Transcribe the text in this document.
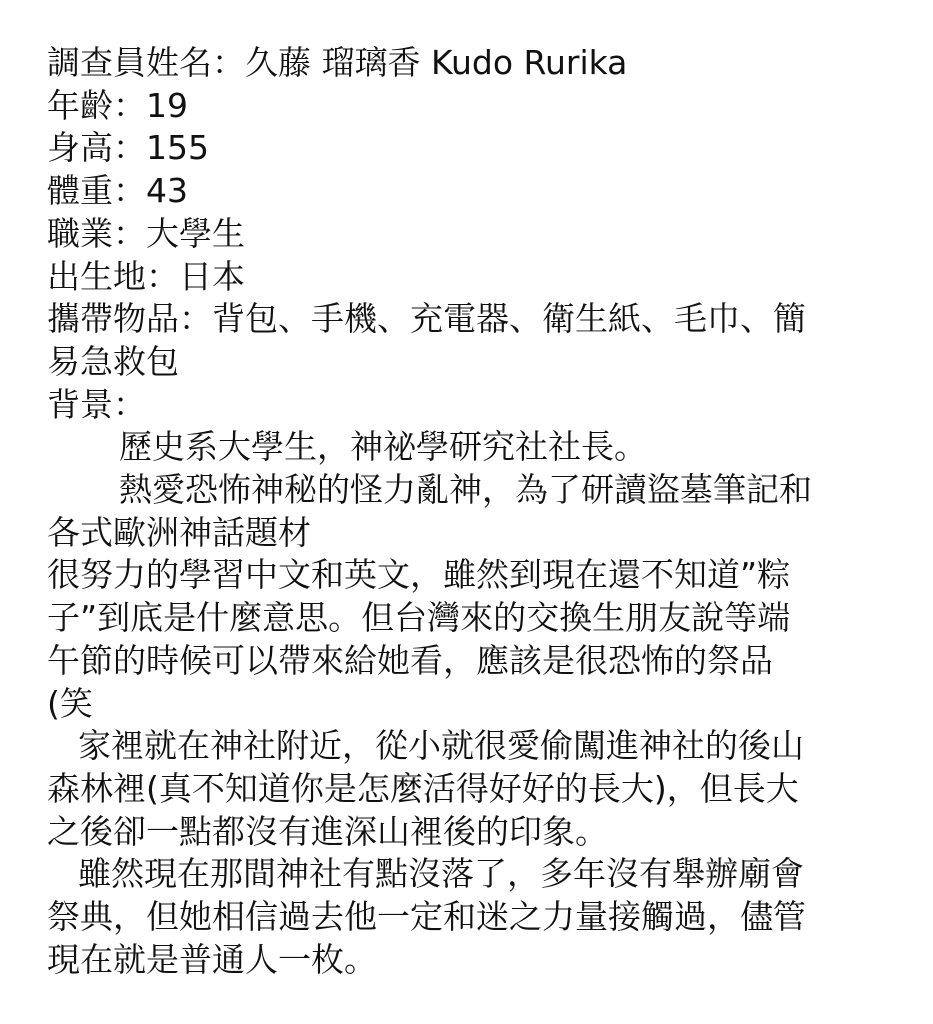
調查員姓名：久藤 瑠璃香 Kudo Rurika
年齡：19
身高：155
體重：43
職業：大學生
出生地：日本
攜帶物品：背包、手機、充電器、衛生紙、毛巾、簡
易急救包
背景：
歷史系大學生，神祕學研究社社長。
熱愛恐怖神秘的怪力亂神，為了研讀盜墓筆記和
各式歐洲神話題材
很努力的學習中文和英文，雖然到現在還不知道”粽
子”到底是什麼意思。但台灣來的交換生朋友說等端
午節的時候可以帶來給她看，應該是很恐怖的祭品
(笑
家裡就在神社附近，從小就很愛偷闖進神社的後山
森林裡(真不知道你是怎麼活得好好的長大)，但長大
之後卻一點都沒有進深山裡後的印象。
雖然現在那間神社有點沒落了，多年沒有舉辦廟會
祭典，但她相信過去他一定和迷之力量接觸過，儘管
現在就是普通人一枚。
